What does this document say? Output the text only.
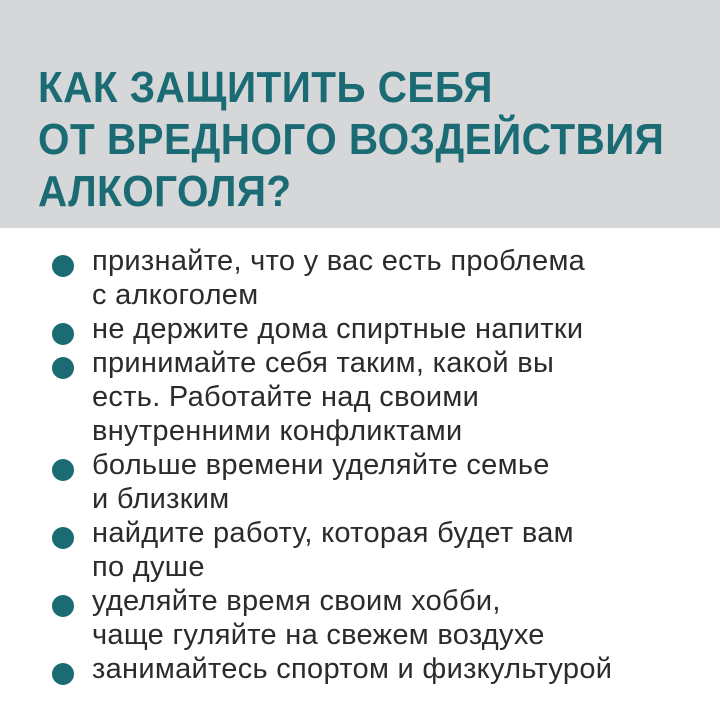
КАК ЗАЩИТИТЬ СЕБЯ
ОТ ВРЕДНОГО ВОЗДЕЙСТВИЯ
АЛКОГОЛЯ?
признайте, что у вас есть проблема
с алкоголем
не держите дома спиртные напитки
принимайте себя таким, какой вы
есть. Работайте над своими
внутренними конфликтами
больше времени уделяйте семье
и близким
найдите работу, которая будет вам
по душе
уделяйте время своим хобби,
чаще гуляйте на свежем воздухе
занимайтесь спортом и физкультурой
